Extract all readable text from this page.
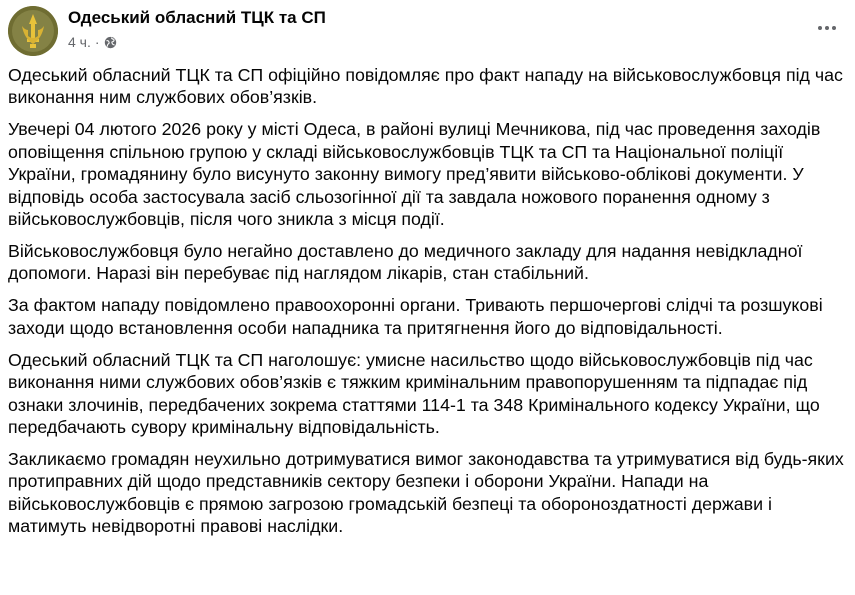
Одеський обласний ТЦК та СП
4 ч. ·

Одеський обласний ТЦК та СП офіційно повідомляє про факт нападу на військовослужбовця під час виконання ним службових обов’язків.

Увечері 04 лютого 2026 року у місті Одеса, в районі вулиці Мечникова, під час проведення заходів оповіщення спільною групою у складі військовослужбовців ТЦК та СП та Національної поліції України, громадянину було висунуто законну вимогу пред’явити військово-облікові документи. У відповідь особа застосувала засіб сльозогінної дії та завдала ножового поранення одному з військовослужбовців, після чого зникла з місця події.

Військовослужбовця було негайно доставлено до медичного закладу для надання невідкладної допомоги. Наразі він перебуває під наглядом лікарів, стан стабільний.

За фактом нападу повідомлено правоохоронні органи. Тривають першочергові слідчі та розшукові заходи щодо встановлення особи нападника та притягнення його до відповідальності.

Одеський обласний ТЦК та СП наголошує: умисне насильство щодо військовослужбовців під час виконання ними службових обов’язків є тяжким кримінальним правопорушенням та підпадає під ознаки злочинів, передбачених зокрема статтями 114-1 та 348 Кримінального кодексу України, що передбачають сувору кримінальну відповідальність.

Закликаємо громадян неухильно дотримуватися вимог законодавства та утримуватися від будь-яких протиправних дій щодо представників сектору безпеки і оборони України. Напади на військовослужбовців є прямою загрозою громадській безпеці та обороноздатності держави і матимуть невідворотні правові наслідки.
